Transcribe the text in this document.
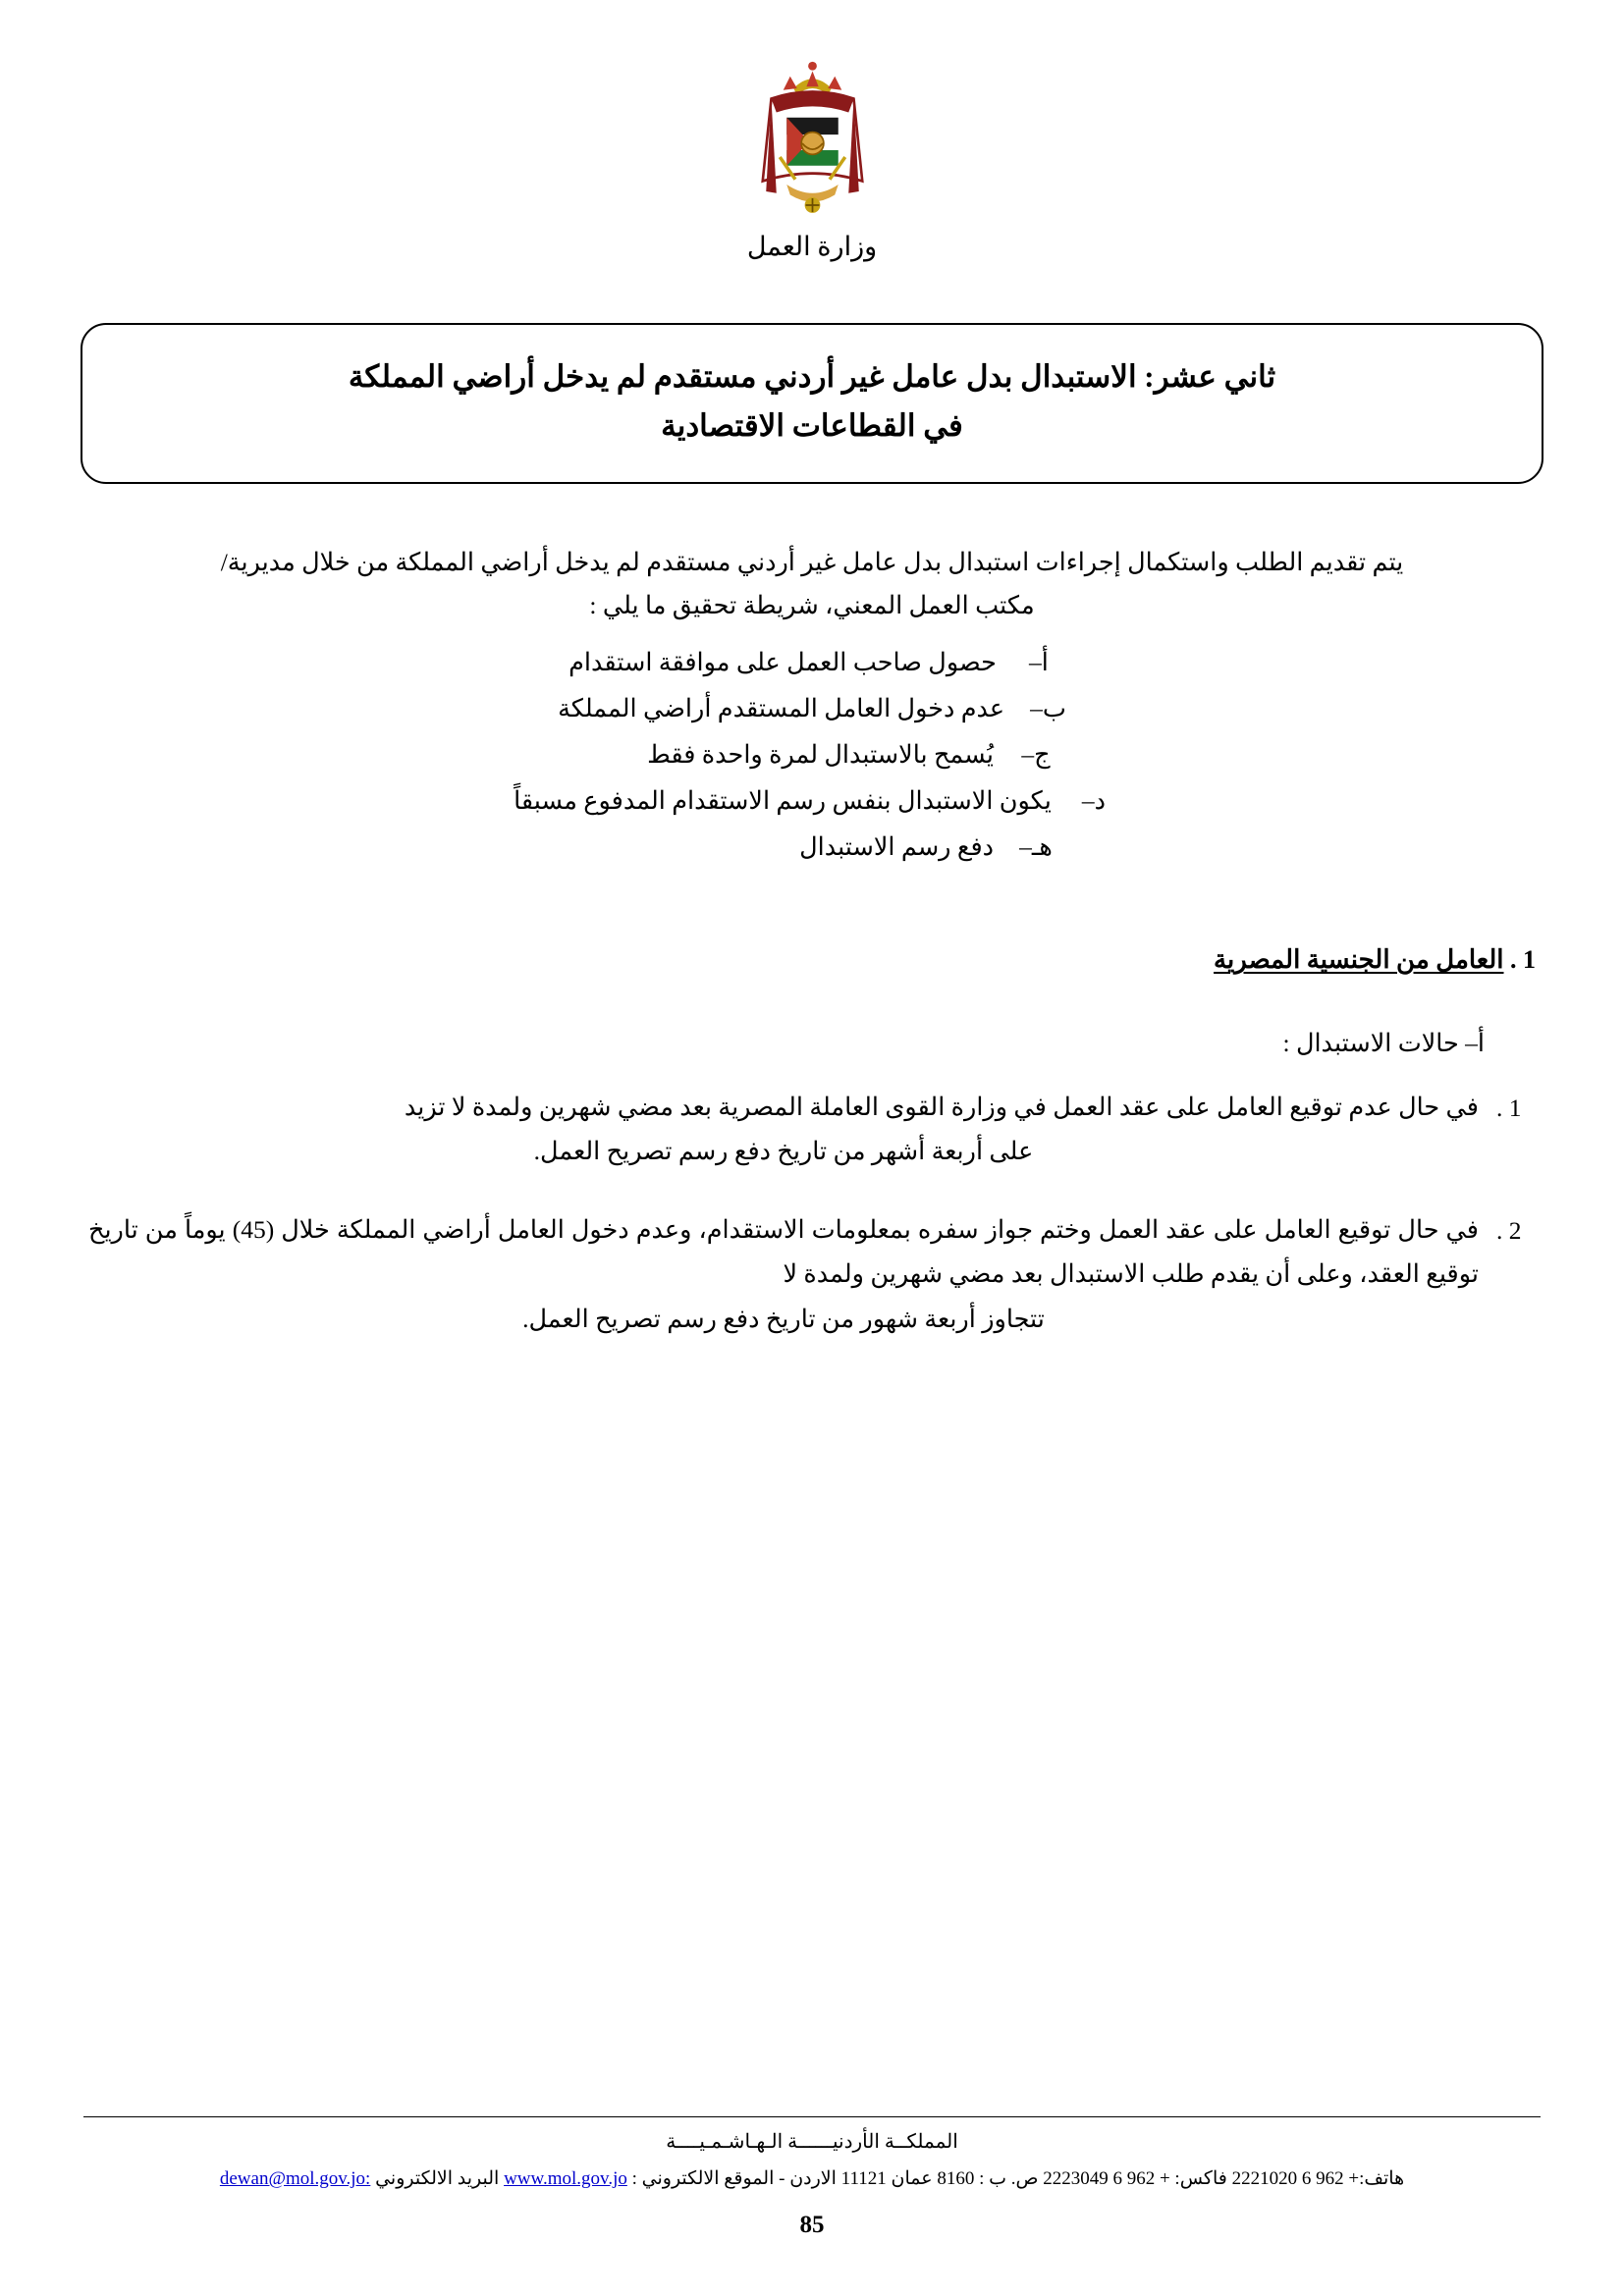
وزارة العمل
ثاني عشر: الاستبدال بدل عامل غير أردني مستقدم لم يدخل أراضي المملكة
في القطاعات الاقتصادية
يتم تقديم الطلب واستكمال إجراءات استبدال بدل عامل غير أردني مستقدم لم يدخل أراضي المملكة من خلال مديرية/
مكتب العمل المعني، شريطة تحقيق ما يلي :
أ–
حصول صاحب العمل على موافقة استقدام
ب–
عدم دخول العامل المستقدم أراضي المملكة
ج–
يُسمح بالاستبدال لمرة واحدة فقط
د–
يكون الاستبدال بنفس رسم الاستقدام المدفوع مسبقاً
هـ–
دفع رسم الاستبدال
1 . العامل من الجنسية المصرية
أ– حالات الاستبدال :
1 .
في حال عدم توقيع العامل على عقد العمل في وزارة القوى العاملة المصرية بعد مضي شهرين ولمدة لا تزيد
على أربعة أشهر من تاريخ دفع رسم تصريح العمل.
2 .
في حال توقيع العامل على عقد العمل وختم جواز سفره بمعلومات الاستقدام، وعدم دخول العامل أراضي المملكة خلال (45) يوماً من تاريخ توقيع العقد، وعلى أن يقدم طلب الاستبدال بعد مضي شهرين ولمدة لا
تتجاوز أربعة شهور من تاريخ دفع رسم تصريح العمل.
المملكــة الأردنيــــــة الـهـاشـمـيــــة
هاتف:+ 962 6 2221020 فاكس: + 962 6 2223049 ص. ب : 8160 عمان 11121 الاردن - الموقع الالكتروني : www.mol.gov.jo البريد الالكتروني dewan@mol.gov.jo:
85
